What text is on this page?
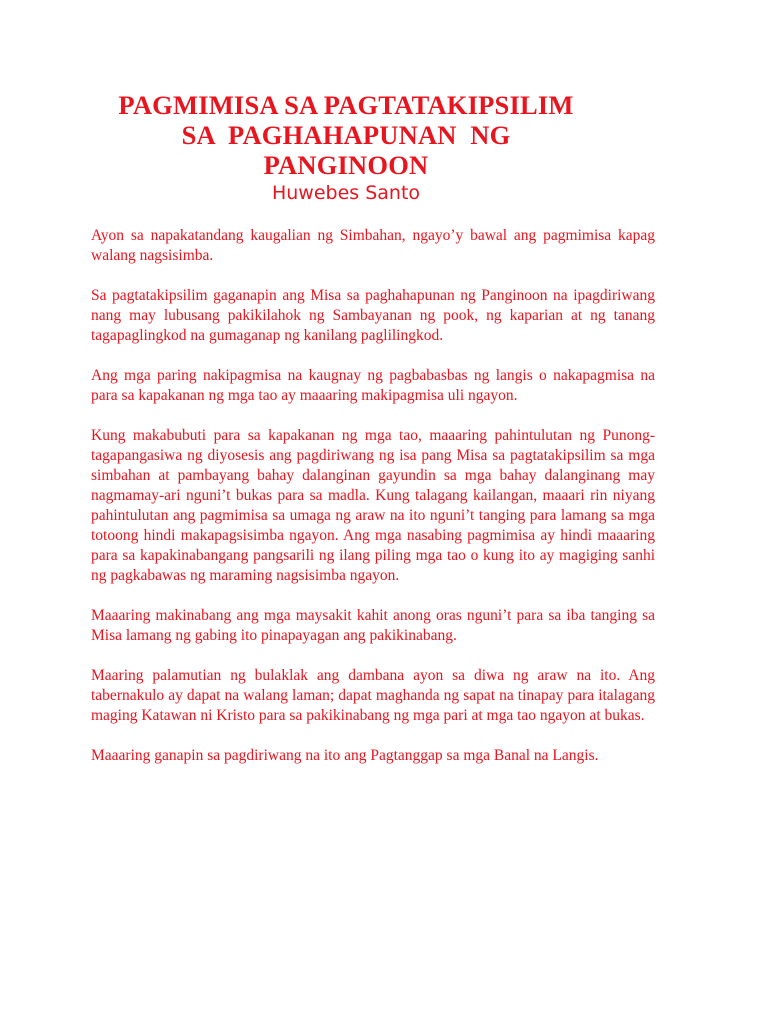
PAGMIMISA SA PAGTATAKIPSILIM
SA  PAGHAHAPUNAN  NG
PANGINOON

Huwebes Santo

Ayon sa napakatandang kaugalian ng Simbahan, ngayo’y bawal ang pagmimisa kapag walang nagsisimba.

Sa pagtatakipsilim gaganapin ang Misa sa paghahapunan ng Panginoon na ipagdiriwang nang may lubusang pakikilahok ng Sambayanan ng pook, ng kaparian at ng tanang tagapaglingkod na gumaganap ng kanilang paglilingkod.

Ang mga paring nakipagmisa na kaugnay ng pagbabasbas ng langis o nakapagmisa na para sa kapakanan ng mga tao ay maaaring makipagmisa uli ngayon.

Kung makabubuti para sa kapakanan ng mga tao, maaaring pahintulutan ng Punong- tagapangasiwa ng diyosesis ang pagdiriwang ng isa pang Misa sa pagtatakipsilim sa mga simbahan at pambayang bahay dalanginan gayundin sa mga bahay dalanginang may nagmamay-ari nguni’t bukas para sa madla. Kung talagang kailangan, maaari rin niyang pahintulutan ang pagmimisa sa umaga ng araw na ito nguni’t tanging para lamang sa mga totoong hindi makapagsisimba ngayon. Ang mga nasabing pagmimisa ay hindi maaaring para sa kapakinabangang pangsarili ng ilang piling mga tao o kung ito ay magiging sanhi ng pagkabawas ng maraming nagsisimba ngayon.

Maaaring makinabang ang mga maysakit kahit anong oras nguni’t para sa iba tanging sa Misa lamang ng gabing ito pinapayagan ang pakikinabang.

Maaring palamutian ng bulaklak ang dambana ayon sa diwa ng araw na ito. Ang tabernakulo ay dapat na walang laman; dapat maghanda ng sapat na tinapay para italagang maging Katawan ni Kristo para sa pakikinabang ng mga pari at mga tao ngayon at bukas.

Maaaring ganapin sa pagdiriwang na ito ang Pagtanggap sa mga Banal na Langis.
